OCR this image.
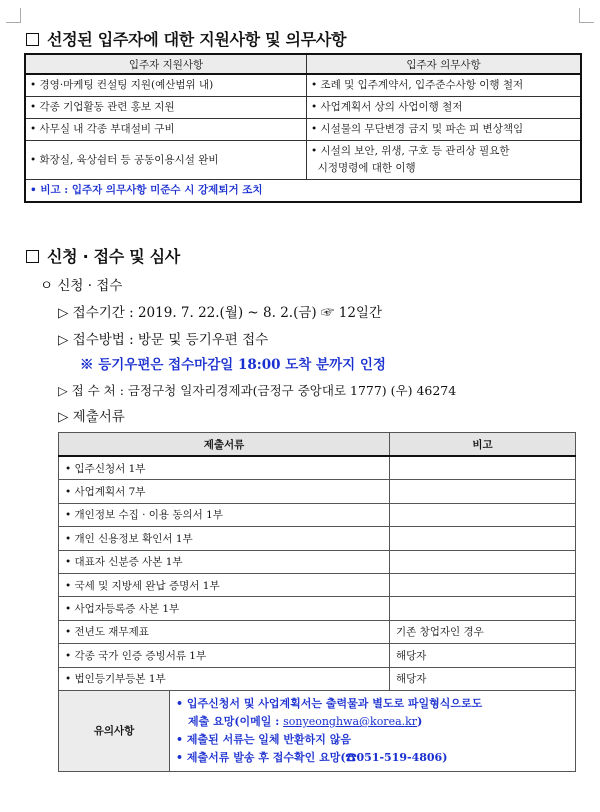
선정된 입주자에 대한 지원사항 및 의무사항
입주자 지원사항	입주자 의무사항
• 경영·마케팅 컨설팅 지원(예산범위 내)	• 조례 및 입주계약서, 입주준수사항 이행 철저
• 각종 기업활동 관련 홍보 지원	• 사업계획서 상의 사업이행 철저
• 사무실 내 각종 부대설비 구비	• 시설물의 무단변경 금지 및 파손 피 변상책임
• 화장실, 육상쉼터 등 공동이용시설 완비	• 시설의 보안, 위생, 구호 등 관리상 필요한
시정명령에 대한 이행
• 비고 : 입주자 의무사항 미준수 시 강제퇴거 조치	
신청 · 접수 및 심사
ㅇ 신청 · 접수
▷ 접수기간 : 2019. 7. 22.(월) ~ 8. 2.(금) ☞ 12일간
▷ 접수방법 : 방문 및 등기우편 접수
※ 등기우편은 접수마감일 18:00 도착 분까지 인정
▷ 접 수 처 : 금정구청 일자리경제과(금정구 중앙대로 1777) (우) 46274
▷ 제출서류
제출서류	비고
• 입주신청서 1부	
• 사업계획서 7부	
• 개인정보 수집 · 이용 동의서 1부	
• 개인 신용정보 확인서 1부	
• 대표자 신분증 사본 1부	
• 국세 및 지방세 완납 증명서 1부	
• 사업자등록증 사본 1부	
• 전년도 재무제표	기존 창업자인 경우
• 각종 국가 인증 증빙서류 1부	해당자
• 법인등기부등본 1부	해당자

유의사항	
• 입주신청서 및 사업계획서는 출력물과 별도로 파일형식으로도
제출 요망(이메일 : sonyeonghwa@korea.kr)
• 제출된 서류는 일체 반환하지 않음
• 제출서류 발송 후 접수확인 요망(☎051-519-4806)
